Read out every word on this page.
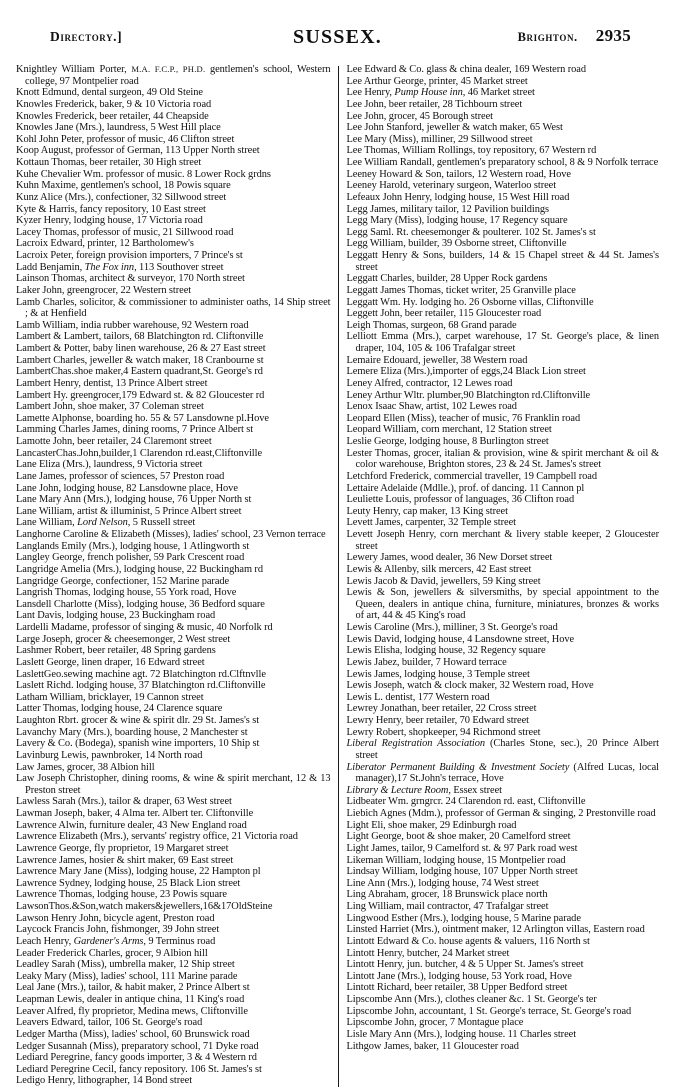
Directory.]	SUSSEX.	brighton. 2935

Knightley William Porter, M.A. F.C.P., PH.D. gentlemen's school, Western college, 97 Montpelier road

Knott Edmund, dental surgeon, 49 Old Steine

Knowles Frederick, baker, 9 & 10 Victoria road

Knowles Frederick, beer retailer, 44 Cheapside

Knowles Jane (Mrs.), laundress, 5 West Hill place

Kohl John Peter, professor of music, 46 Clifton street

Koop August, professor of German, 113 Upper North street

Kottaun Thomas, beer retailer, 30 High street

Kuhe Chevalier Wm. professor of music. 8 Lower Rock grdns

Kuhn Maxime, gentlemen's school, 18 Powis square

Kunz Alice (Mrs.), confectioner, 32 Sillwood street

Kyte & Harris, fancy repository, 10 East street

Kyzer Henry, lodging house, 17 Victoria road

Lacey Thomas, professor of music, 21 Sillwood road

Lacroix Edward, printer, 12 Bartholomew's

Lacroix Peter, foreign provision importers, 7 Prince's st

Ladd Benjamin, The Fox inn, 113 Southover street

Lainson Thomas, architect & surveyor, 170 North street

Laker John, greengrocer, 22 Western street

Lamb Charles, solicitor, & commissioner to administer oaths, 14 Ship street ; & at Henfield

Lamb William, india rubber warehouse, 92 Western road

Lambert & Lambert, tailors, 68 Blatchington rd. Cliftonville

Lambert & Potter, baby linen warehouse, 26 & 27 East street

Lambert Charles, jeweller & watch maker, 18 Cranbourne st

LambertChas.shoe maker,4 Eastern quadrant,St. George's rd

Lambert Henry, dentist, 13 Prince Albert street

Lambert Hy. greengrocer,179 Edward st. & 82 Gloucester rd

Lambert John, shoe maker, 37 Coleman street

Lamette Alphonse, boarding ho. 55 & 57 Lansdowne pl.Hove

Lamming Charles James, dining rooms, 7 Prince Albert st

Lamotte John, beer retailer, 24 Claremont street

LancasterChas.John,builder,1 Clarendon rd.east,Cliftonville

Lane Eliza (Mrs.), laundress, 9 Victoria street

Lane James, professor of sciences, 57 Preston road

Lane John, lodging house, 82 Lansdowne place, Hove

Lane Mary Ann (Mrs.), lodging house, 76 Upper North st

Lane William, artist & illuminist, 5 Prince Albert street

Lane William, Lord Nelson, 5 Russell street

Langhorne Caroline & Elizabeth (Misses), ladies' school, 23 Vernon terrace

Langlands Emily (Mrs.), lodging house, 1 Atlingworth st

Langley George, french polisher, 59 Park Crescent road

Langridge Amelia (Mrs.), lodging house, 22 Buckingham rd

Langridge George, confectioner, 152 Marine parade

Langrish Thomas, lodging house, 55 York road, Hove

Lansdell Charlotte (Miss), lodging house, 36 Bedford square

Lant Davis, lodging house, 23 Buckingham road

Lardelli Madame, professor of singing & music, 40 Norfolk rd

Large Joseph, grocer & cheesemonger, 2 West street

Lashmer Robert, beer retailer, 48 Spring gardens

Laslett George, linen draper, 16 Edward street

LaslettGeo.sewing machine agt. 72 Blatchington rd.Clftnvlle

Laslett Richd. lodging house, 37 Blatchington rd.Cliftonville

Latham William, bricklayer, 19 Cannon street

Latter Thomas, lodging house, 24 Clarence square

Laughton Rbrt. grocer & wine & spirit dlr. 29 St. James's st

Lavanchy Mary (Mrs.), boarding house, 2 Manchester st

Lavery & Co. (Bodega), spanish wine importers, 10 Ship st

Lavinburg Lewis, pawnbroker, 14 North road

Law James, grocer, 38 Albion hill

Law Joseph Christopher, dining rooms, & wine & spirit merchant, 12 & 13 Preston street

Lawless Sarah (Mrs.), tailor & draper, 63 West street

Lawman Joseph, baker, 4 Alma ter. Albert ter. Cliftonville

Lawrence Alwin, furniture dealer, 43 New England road

Lawrence Elizabeth (Mrs.), servants' registry office, 21 Victoria road

Lawrence George, fly proprietor, 19 Margaret street

Lawrence James, hosier & shirt maker, 69 East street

Lawrence Mary Jane (Miss), lodging house, 22 Hampton pl

Lawrence Sydney, lodging house, 25 Black Lion street

Lawrence Thomas, lodging house, 23 Powis square

LawsonThos.&Son,watch makers&jewellers,16&17OldSteine

Lawson Henry John, bicycle agent, Preston road

Laycock Francis John, fishmonger, 39 John street

Leach Henry, Gardener's Arms, 9 Terminus road

Leader Frederick Charles, grocer, 9 Albion hill

Leadley Sarah (Miss), umbrella maker, 12 Ship street

Leaky Mary (Miss), ladies' school, 111 Marine parade

Leal Jane (Mrs.), tailor, & habit maker, 2 Prince Albert st

Leapman Lewis, dealer in antique china, 11 King's road

Leaver Alfred, fly proprietor, Medina mews, Cliftonville

Leavers Edward, tailor, 106 St. George's road

Ledger Martha (Miss), ladies' school, 60 Brunswick road

Ledger Susannah (Miss), preparatory school, 71 Dyke road

Lediard Peregrine, fancy goods importer, 3 & 4 Western rd

Lediard Peregrine Cecil, fancy repository. 106 St. James's st

Ledigo Henry, lithographer, 14 Bond street

Lee Edward & Co. glass & china dealer, 169 Western road

Lee Arthur George, printer, 45 Market street

Lee Henry, Pump House inn, 46 Market street

Lee John, beer retailer, 28 Tichbourn street

Lee John, grocer, 45 Borough street

Lee John Stanford, jeweller & watch maker, 65 West

Lee Mary (Miss), milliner, 29 Sillwood street

Lee Thomas, William Rollings, toy repository, 67 Western rd

Lee William Randall, gentlemen's preparatory school, 8 & 9 Norfolk terrace

Leeney Howard & Son, tailors, 12 Western road, Hove

Leeney Harold, veterinary surgeon, Waterloo street

Lefeaux John Henry, lodging house, 15 West Hill road

Legg James, military tailor, 12 Pavilion buildings

Legg Mary (Miss), lodging house, 17 Regency square

Legg Saml. Rt. cheesemonger & poulterer. 102 St. James's st

Legg William, builder, 39 Osborne street, Cliftonville

Leggatt Henry & Sons, builders, 14 & 15 Chapel street & 44 St. James's street

Leggatt Charles, builder, 28 Upper Rock gardens

Leggatt James Thomas, ticket writer, 25 Granville place

Leggatt Wm. Hy. lodging ho. 26 Osborne villas, Cliftonville

Leggett John, beer retailer, 115 Gloucester road

Leigh Thomas, surgeon, 68 Grand parade

Lelliott Emma (Mrs.), carpet warehouse, 17 St. George's place, & linen draper, 104, 105 & 106 Trafalgar street

Lemaire Edouard, jeweller, 38 Western road

Lemere Eliza (Mrs.),importer of eggs,24 Black Lion street

Leney Alfred, contractor, 12 Lewes road

Leney Arthur Wltr. plumber,90 Blatchington rd.Cliftonville

Lenox Isaac Shaw, artist, 102 Lewes road

Leopard Ellen (Miss), teacher of music, 76 Franklin road

Leopard William, corn merchant, 12 Station street

Leslie George, lodging house, 8 Burlington street

Lester Thomas, grocer, italian & provision, wine & spirit merchant & oil & color warehouse, Brighton stores, 23 & 24 St. James's street

Letchford Frederick, commercial traveller, 19 Campbell road

Lettaire Adelaide (Mdlle.), prof. of dancing. 11 Cannon pl

Leuliette Louis, professor of languages, 36 Clifton road

Leuty Henry, cap maker, 13 King street

Levett James, carpenter, 32 Temple street

Levett Joseph Henry, corn merchant & livery stable keeper, 2 Gloucester street

Lewery James, wood dealer, 36 New Dorset street

Lewis & Allenby, silk mercers, 42 East street

Lewis Jacob & David, jewellers, 59 King street

Lewis & Son, jewellers & silversmiths, by special appointment to the Queen, dealers in antique china, furniture, miniatures, bronzes & works of art, 44 & 45 King's road

Lewis Caroline (Mrs.), milliner, 3 St. George's road

Lewis David, lodging house, 4 Lansdowne street, Hove

Lewis Elisha, lodging house, 32 Regency square

Lewis Jabez, builder, 7 Howard terrace

Lewis James, lodging house, 3 Temple street

Lewis Joseph, watch & clock maker, 32 Western road, Hove

Lewis L. dentist, 177 Western road

Lewrey Jonathan, beer retailer, 22 Cross street

Lewry Henry, beer retailer, 70 Edward street

Lewry Robert, shopkeeper, 94 Richmond street

Liberal Registration Association (Charles Stone, sec.), 20 Prince Albert street

Liberator Permanent Building & Investment Society (Alfred Lucas, local manager),17 St.John's terrace, Hove

Library & Lecture Room, Essex street

Lidbeater Wm. grngrcr. 24 Clarendon rd. east, Cliftonville

Liebich Agnes (Mdm.), professor of German & singing, 2 Prestonville road

Light Eli, shoe maker, 29 Edinburgh road

Light George, boot & shoe maker, 20 Camelford street

Light James, tailor, 9 Camelford st. & 97 Park road west

Likeman William, lodging house, 15 Montpelier road

Lindsay William, lodging house, 107 Upper North street

Line Ann (Mrs.), lodging house, 74 West street

Ling Abraham, grocer, 18 Brunswick place north

Ling William, mail contractor, 47 Trafalgar street

Lingwood Esther (Mrs.), lodging house, 5 Marine parade

Linsted Harriet (Mrs.), ointment maker, 12 Arlington villas, Eastern road

Lintott Edward & Co. house agents & valuers, 116 North st

Lintott Henry, butcher, 24 Market street

Lintott Henry, jun. butcher, 4 & 5 Upper St. James's street

Lintott Jane (Mrs.), lodging house, 53 York road, Hove

Lintott Richard, beer retailer, 38 Upper Bedford street

Lipscombe Ann (Mrs.), clothes cleaner &c. 1 St. George's ter

Lipscombe John, accountant, 1 St. George's terrace, St. George's road

Lipscombe John, grocer, 7 Montague place

Lisle Mary Ann (Mrs.), lodging house. 11 Charles street

Lithgow James, baker, 11 Gloucester road
